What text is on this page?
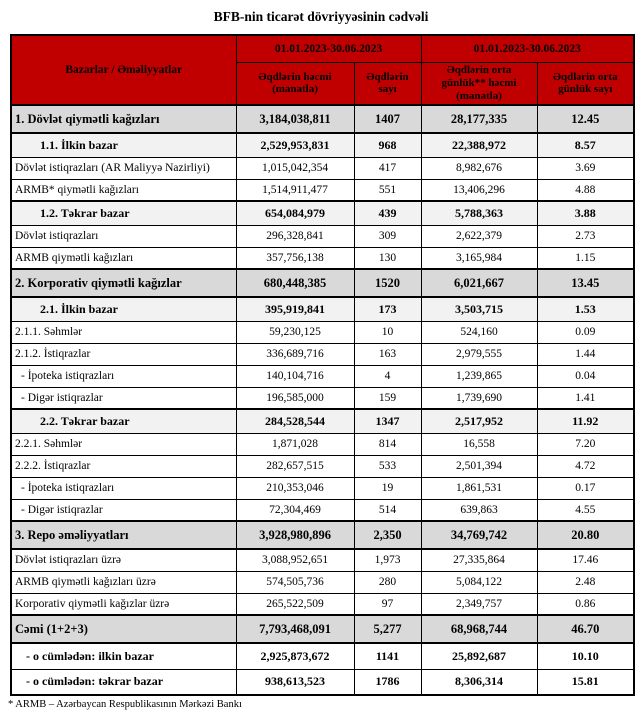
BFB-nin ticarət dövriyyəsinin cədvəli
Bazarlar / Əməliyyatlar	01.01.2023-30.06.2023		01.01.2023-30.06.2023	
	Əqdlərin həcmi (manatla)	Əqdlərin sayı	Əqdlərin orta günlük** həcmi (manatla)	Əqdlərin orta günlük sayı
1. Dövlət qiymətli kağızları	3,184,038,811	1407	28,177,335	12.45
1.1. İlkin bazar	2,529,953,831	968	22,388,972	8.57
Dövlət istiqrazları (AR Maliyyə Nazirliyi)	1,015,042,354	417	8,982,676	3.69
ARMB* qiymətli kağızları	1,514,911,477	551	13,406,296	4.88
1.2. Təkrar bazar	654,084,979	439	5,788,363	3.88
Dövlət istiqrazları	296,328,841	309	2,622,379	2.73
ARMB qiymətli kağızları	357,756,138	130	3,165,984	1.15
2. Korporativ qiymətli kağızlar	680,448,385	1520	6,021,667	13.45
2.1. İlkin bazar	395,919,841	173	3,503,715	1.53
2.1.1. Səhmlər	59,230,125	10	524,160	0.09
2.1.2. İstiqrazlar	336,689,716	163	2,979,555	1.44
- İpoteka istiqrazları	140,104,716	4	1,239,865	0.04
- Digər istiqrazlar	196,585,000	159	1,739,690	1.41
2.2. Təkrar bazar	284,528,544	1347	2,517,952	11.92
2.2.1. Səhmlər	1,871,028	814	16,558	7.20
2.2.2. İstiqrazlar	282,657,515	533	2,501,394	4.72
- İpoteka istiqrazları	210,353,046	19	1,861,531	0.17
- Digər istiqrazlar	72,304,469	514	639,863	4.55
3. Repo əməliyyatları	3,928,980,896	2,350	34,769,742	20.80
Dövlət istiqrazları üzrə	3,088,952,651	1,973	27,335,864	17.46
ARMB qiymətli kağızları üzrə	574,505,736	280	5,084,122	2.48
Korporativ qiymətli kağızlar üzrə	265,522,509	97	2,349,757	0.86
Cəmi (1+2+3)	7,793,468,091	5,277	68,968,744	46.70
- o cümlədən: ilkin bazar	2,925,873,672	1141	25,892,687	10.10
- o cümlədən: təkrar bazar	938,613,523	1786	8,306,314	15.81
* ARMB – Azərbaycan Respublikasının Mərkəzi Bankı
